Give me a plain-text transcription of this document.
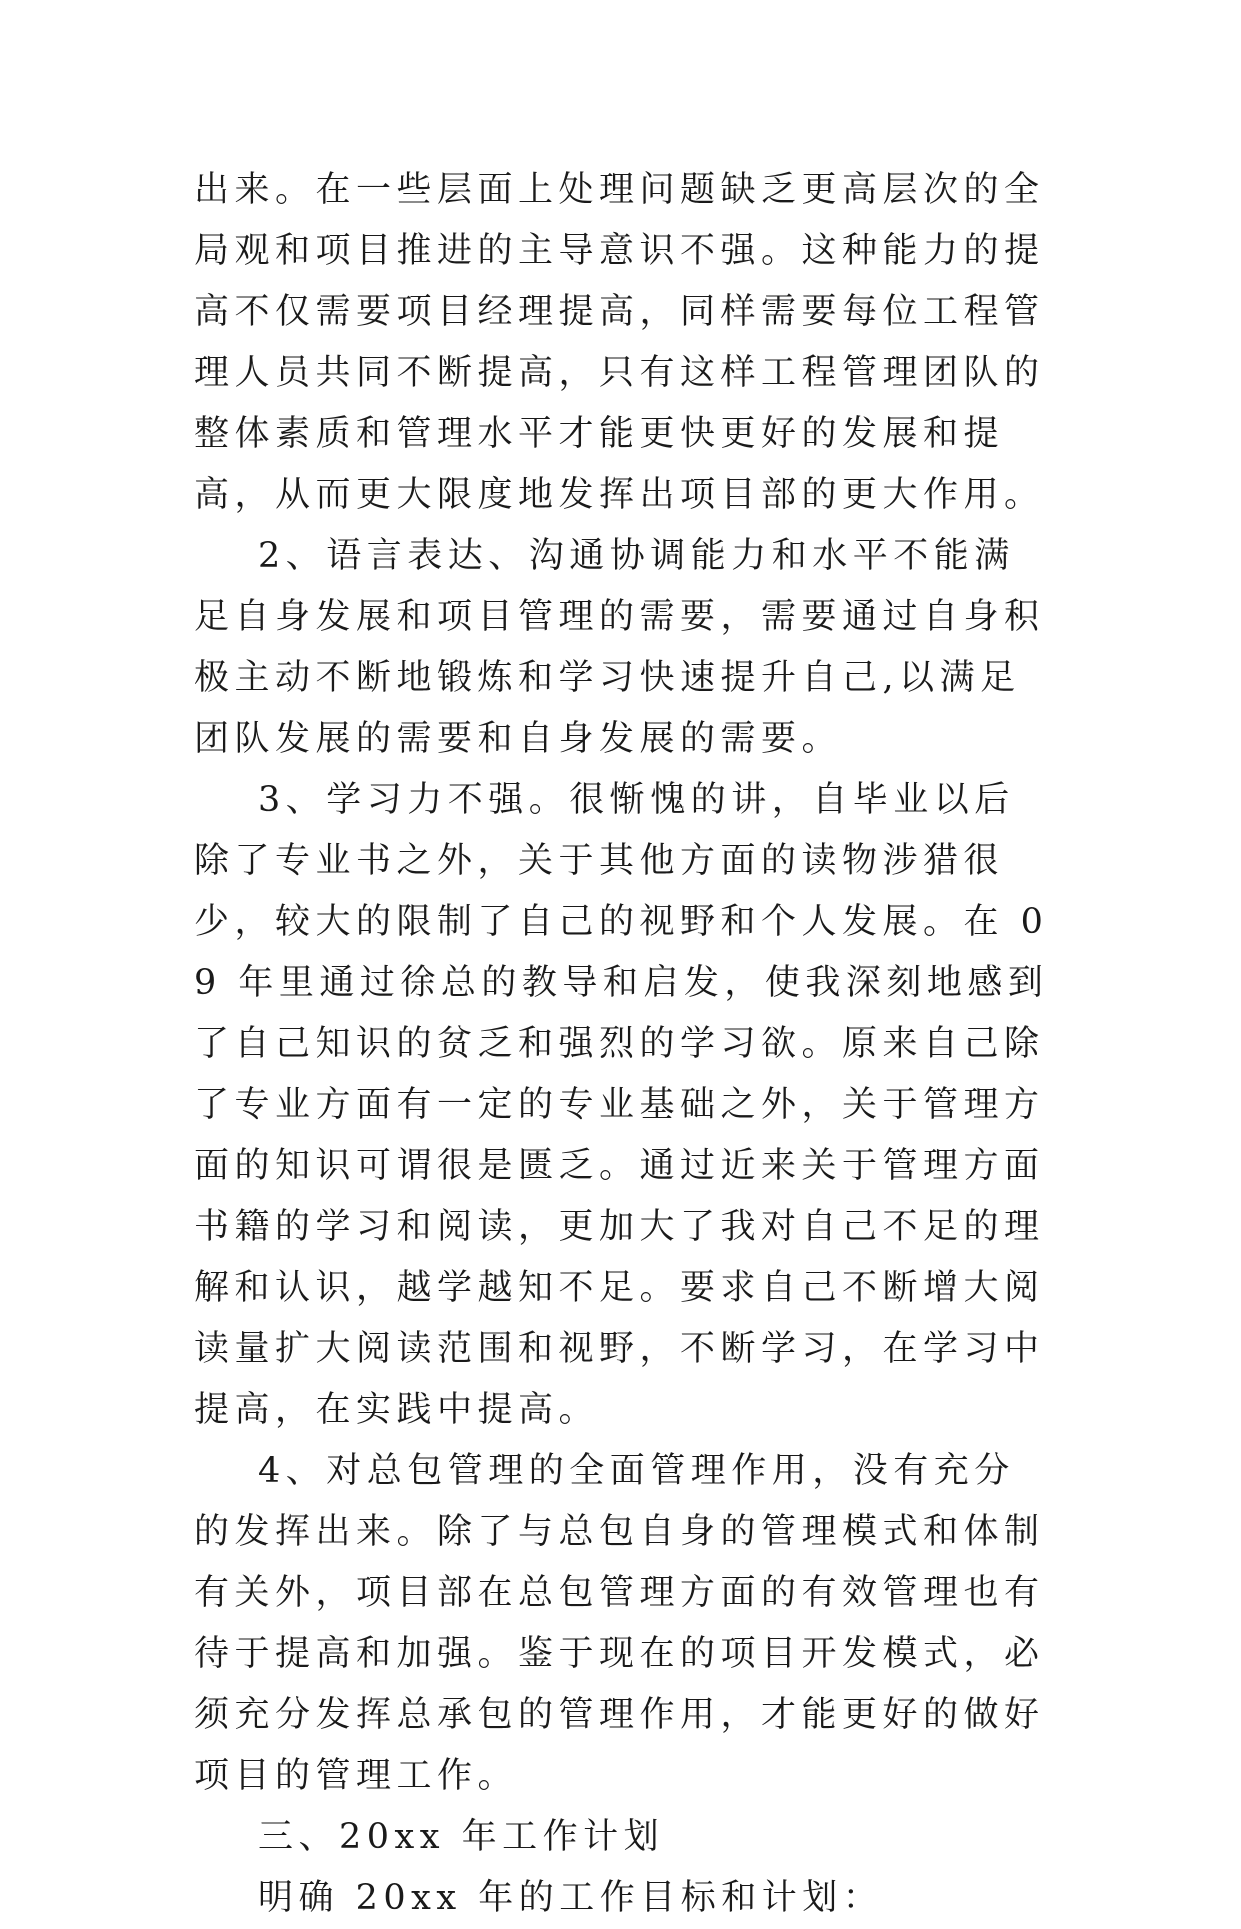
出来。在一些层面上处理问题缺乏更高层次的全局观和项目推进的主导意识不强。这种能力的提高不仅需要项目经理提高，同样需要每位工程管理人员共同不断提高，只有这样工程管理团队的整体素质和管理水平才能更快更好的发展和提高，从而更大限度地发挥出项目部的更大作用。

2、语言表达、沟通协调能力和水平不能满足自身发展和项目管理的需要，需要通过自身积极主动不断地锻炼和学习快速提升自己,以满足团队发展的需要和自身发展的需要。

3、学习力不强。很惭愧的讲，自毕业以后除了专业书之外，关于其他方面的读物涉猎很少，较大的限制了自己的视野和个人发展。在 09 年里通过徐总的教导和启发，使我深刻地感到了自己知识的贫乏和强烈的学习欲。原来自己除了专业方面有一定的专业基础之外，关于管理方面的知识可谓很是匮乏。通过近来关于管理方面书籍的学习和阅读，更加大了我对自己不足的理解和认识，越学越知不足。要求自己不断增大阅读量扩大阅读范围和视野，不断学习，在学习中提高，在实践中提高。

4、对总包管理的全面管理作用，没有充分的发挥出来。除了与总包自身的管理模式和体制有关外，项目部在总包管理方面的有效管理也有待于提高和加强。鉴于现在的项目开发模式，必须充分发挥总承包的管理作用，才能更好的做好项目的管理工作。

三、20xx 年工作计划

明确 20xx 年的工作目标和计划：
